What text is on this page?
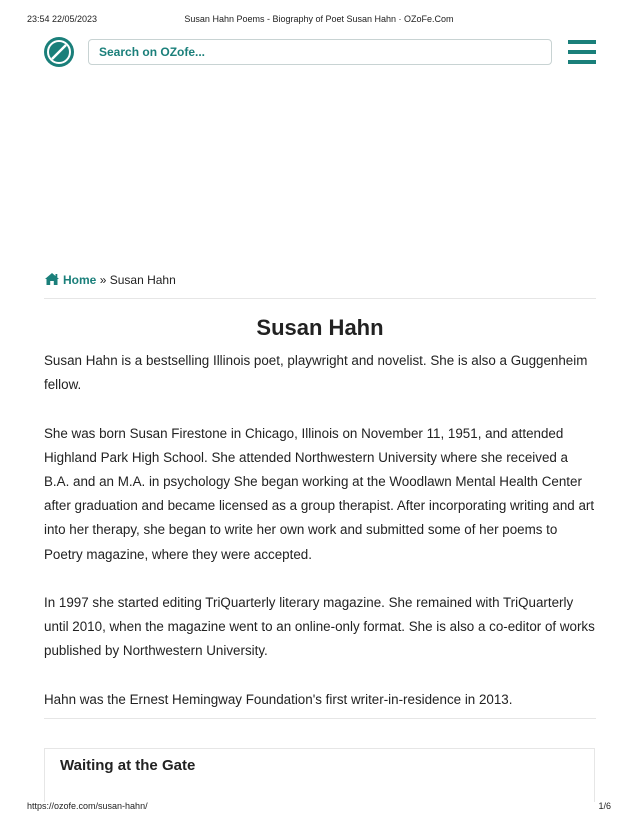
23:54 22/05/2023	Susan Hahn Poems - Biography of Poet Susan Hahn · OZoFe.Com
Search on OZofe...
Home » Susan Hahn
Susan Hahn

Susan Hahn is a bestselling Illinois poet, playwright and novelist. She is also a Guggenheim fellow.

She was born Susan Firestone in Chicago, Illinois on November 11, 1951, and attended Highland Park High School. She attended Northwestern University where she received a B.A. and an M.A. in psychology She began working at the Woodlawn Mental Health Center after graduation and became licensed as a group therapist. After incorporating writing and art into her therapy, she began to write her own work and submitted some of her poems to Poetry magazine, where they were accepted.

In 1997 she started editing TriQuarterly literary magazine. She remained with TriQuarterly until 2010, when the magazine went to an online-only format. She is also a co-editor of works published by Northwestern University.

Hahn was the Ernest Hemingway Foundation's first writer-in-residence in 2013.

Waiting at the Gate
https://ozofe.com/susan-hahn/	1/6
